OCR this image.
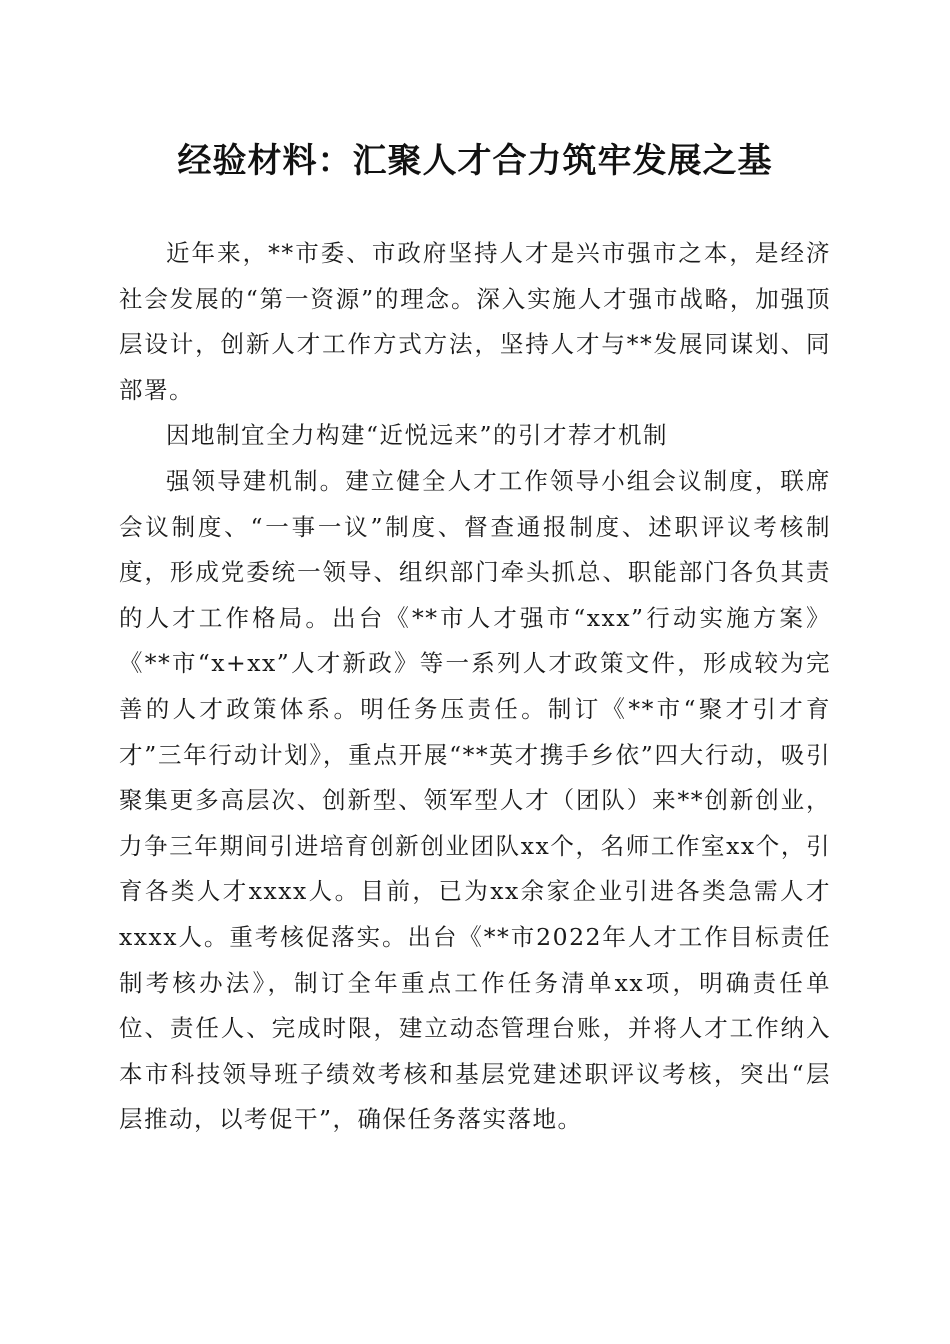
经验材料：汇聚人才合力筑牢发展之基

近年来，**市委、市政府坚持人才是兴市强市之本，是经济社会发展的“第一资源”的理念。深入实施人才强市战略，加强顶层设计，创新人才工作方式方法，坚持人才与**发展同谋划、同部署。

因地制宜全力构建“近悦远来”的引才荐才机制

强领导建机制。建立健全人才工作领导小组会议制度，联席会议制度、“一事一议”制度、督查通报制度、述职评议考核制度，形成党委统一领导、组织部门牵头抓总、职能部门各负其责的人才工作格局。出台《**市人才强市“xxx”行动实施方案》《**市“x+xx”人才新政》等一系列人才政策文件，形成较为完善的人才政策体系。明任务压责任。制订《**市“聚才引才育才”三年行动计划》，重点开展“**英才携手乡依”四大行动，吸引聚集更多高层次、创新型、领军型人才（团队）来**创新创业，力争三年期间引进培育创新创业团队xx个，名师工作室xx个，引育各类人才xxxx人。目前，已为xx余家企业引进各类急需人才xxxx人。重考核促落实。出台《**市2022年人才工作目标责任制考核办法》，制订全年重点工作任务清单xx项，明确责任单位、责任人、完成时限，建立动态管理台账，并将人才工作纳入本市科技领导班子绩效考核和基层党建述职评议考核，突出“层层推动，以考促干”，确保任务落实落地。
